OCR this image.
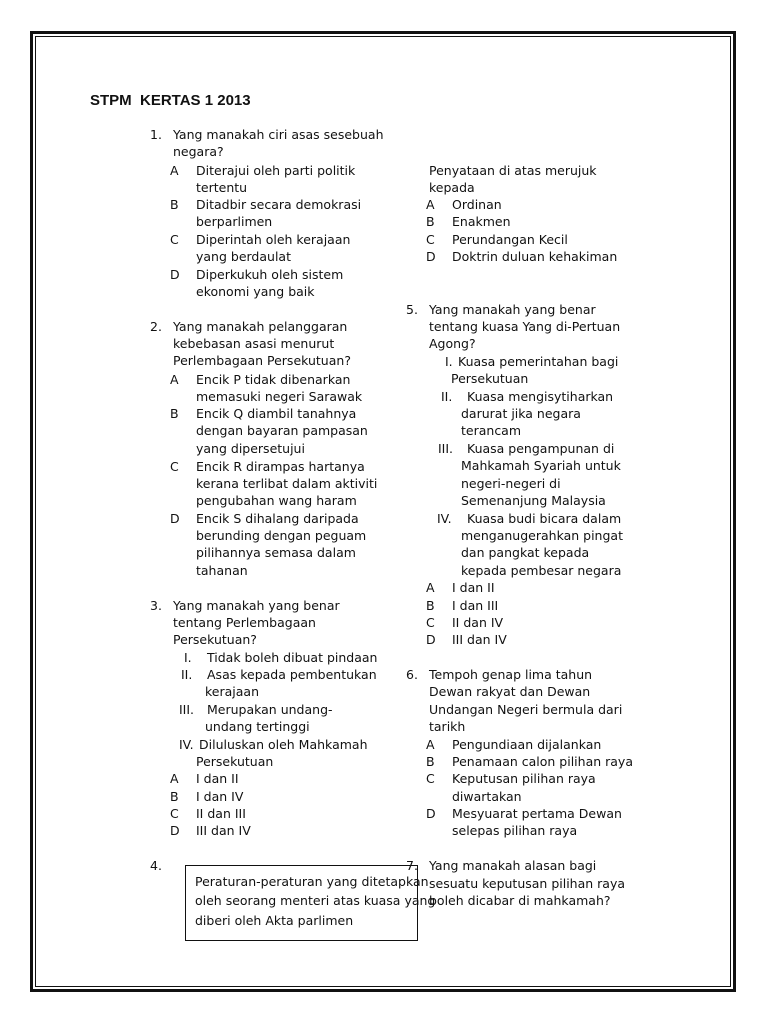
STPM  KERTAS 1 2013
1. Yang manakah ciri asas sesebuah
negara?
A Diterajui oleh parti politik
tertentu
B Ditadbir secara demokrasi
berparlimen
C Diperintah oleh kerajaan
yang berdaulat
D Diperkukuh oleh sistem
ekonomi yang baik
2. Yang manakah pelanggaran
kebebasan asasi menurut
Perlembagaan Persekutuan?
A Encik P tidak dibenarkan
memasuki negeri Sarawak
B Encik Q diambil tanahnya
dengan bayaran pampasan
yang dipersetujui
C Encik R dirampas hartanya
kerana terlibat dalam aktiviti
pengubahan wang haram
D Encik S dihalang daripada
berunding dengan peguam
pilihannya semasa dalam
tahanan
3. Yang manakah yang benar
tentang Perlembagaan
Persekutuan?
I. Tidak boleh dibuat pindaan
II. Asas kepada pembentukan
kerajaan
III. Merupakan undang-
undang tertinggi
IV. Diluluskan oleh Mahkamah
Persekutuan
A I dan II
B I dan IV
C II dan III
D III dan IV
4.
Peraturan-peraturan yang ditetapkan
oleh seorang menteri atas kuasa yang
diberi oleh Akta parlimen
Penyataan di atas merujuk
kepada
A Ordinan
B Enakmen
C Perundangan Kecil
D Doktrin duluan kehakiman
5. Yang manakah yang benar
tentang kuasa Yang di-Pertuan
Agong?
I. Kuasa pemerintahan bagi
Persekutuan
II. Kuasa mengisytiharkan
darurat jika negara
terancam
III. Kuasa pengampunan di
Mahkamah Syariah untuk
negeri-negeri di
Semenanjung Malaysia
IV. Kuasa budi bicara dalam
menganugerahkan pingat
dan pangkat kepada
kepada pembesar negara
A I dan II
B I dan III
C II dan IV
D III dan IV
6. Tempoh genap lima tahun
Dewan rakyat dan Dewan
Undangan Negeri bermula dari
tarikh
A Pengundiaan dijalankan
B Penamaan calon pilihan raya
C Keputusan pilihan raya
diwartakan
D Mesyuarat pertama Dewan
selepas pilihan raya
7. Yang manakah alasan bagi
sesuatu keputusan pilihan raya
boleh dicabar di mahkamah?
